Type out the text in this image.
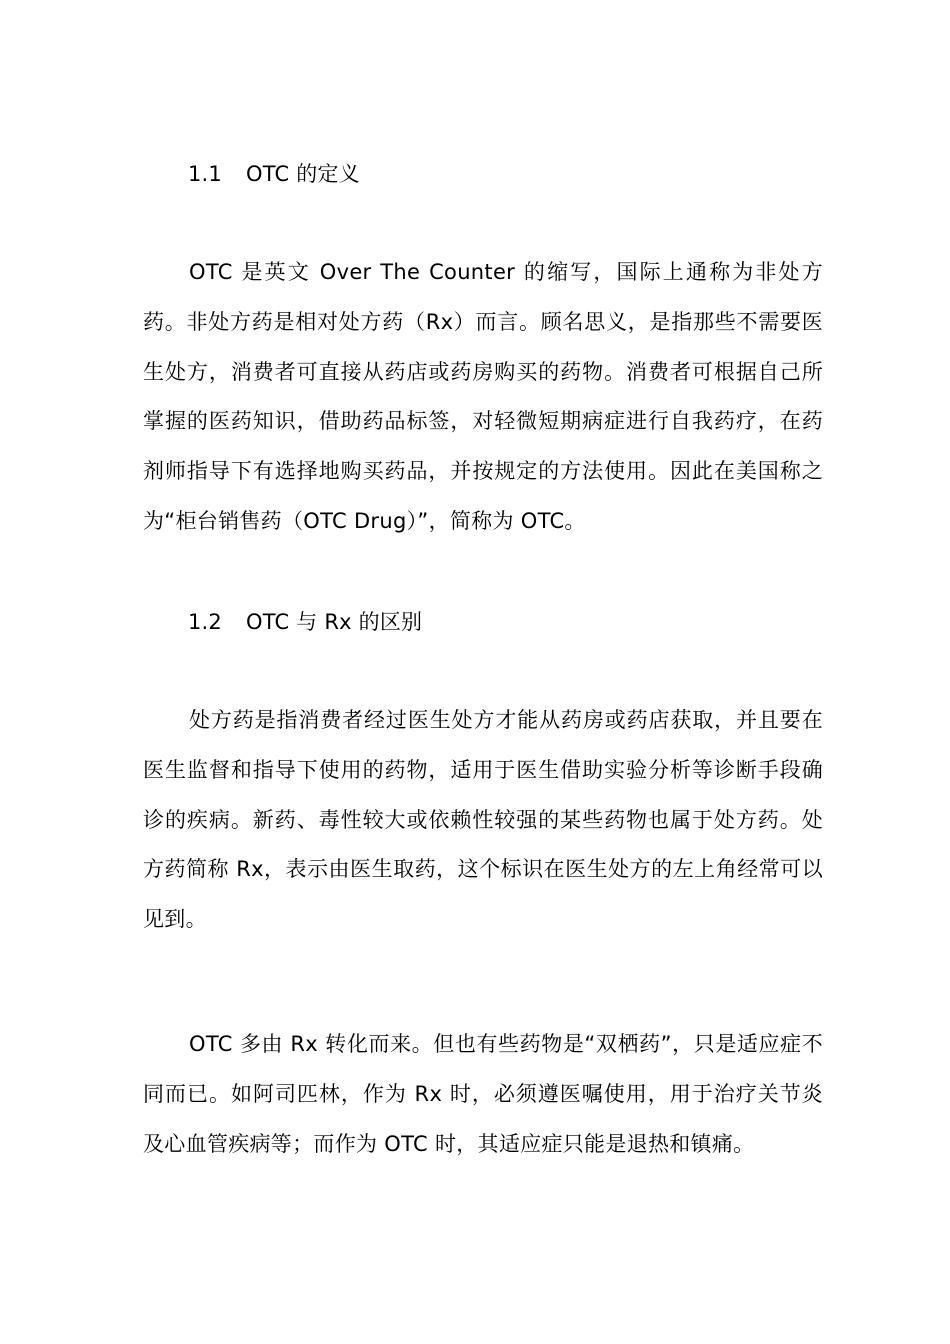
1.1 OTC 的定义

OTC 是英文 Over The Counter 的缩写，国际上通称为非处方药。非处方药是相对处方药（Rx）而言。顾名思义，是指那些不需要医生处方，消费者可直接从药店或药房购买的药物。消费者可根据自己所掌握的医药知识，借助药品标签，对轻微短期病症进行自我药疗，在药剂师指导下有选择地购买药品，并按规定的方法使用。因此在美国称之为“柜台销售药（OTC Drug）”，简称为 OTC。

1.2 OTC 与 Rx 的区别

处方药是指消费者经过医生处方才能从药房或药店获取，并且要在医生监督和指导下使用的药物，适用于医生借助实验分析等诊断手段确诊的疾病。新药、毒性较大或依赖性较强的某些药物也属于处方药。处方药简称 Rx，表示由医生取药，这个标识在医生处方的左上角经常可以见到。

OTC 多由 Rx 转化而来。但也有些药物是“双栖药”，只是适应症不同而已。如阿司匹林，作为 Rx 时，必须遵医嘱使用，用于治疗关节炎及心血管疾病等；而作为 OTC 时，其适应症只能是退热和镇痛。
